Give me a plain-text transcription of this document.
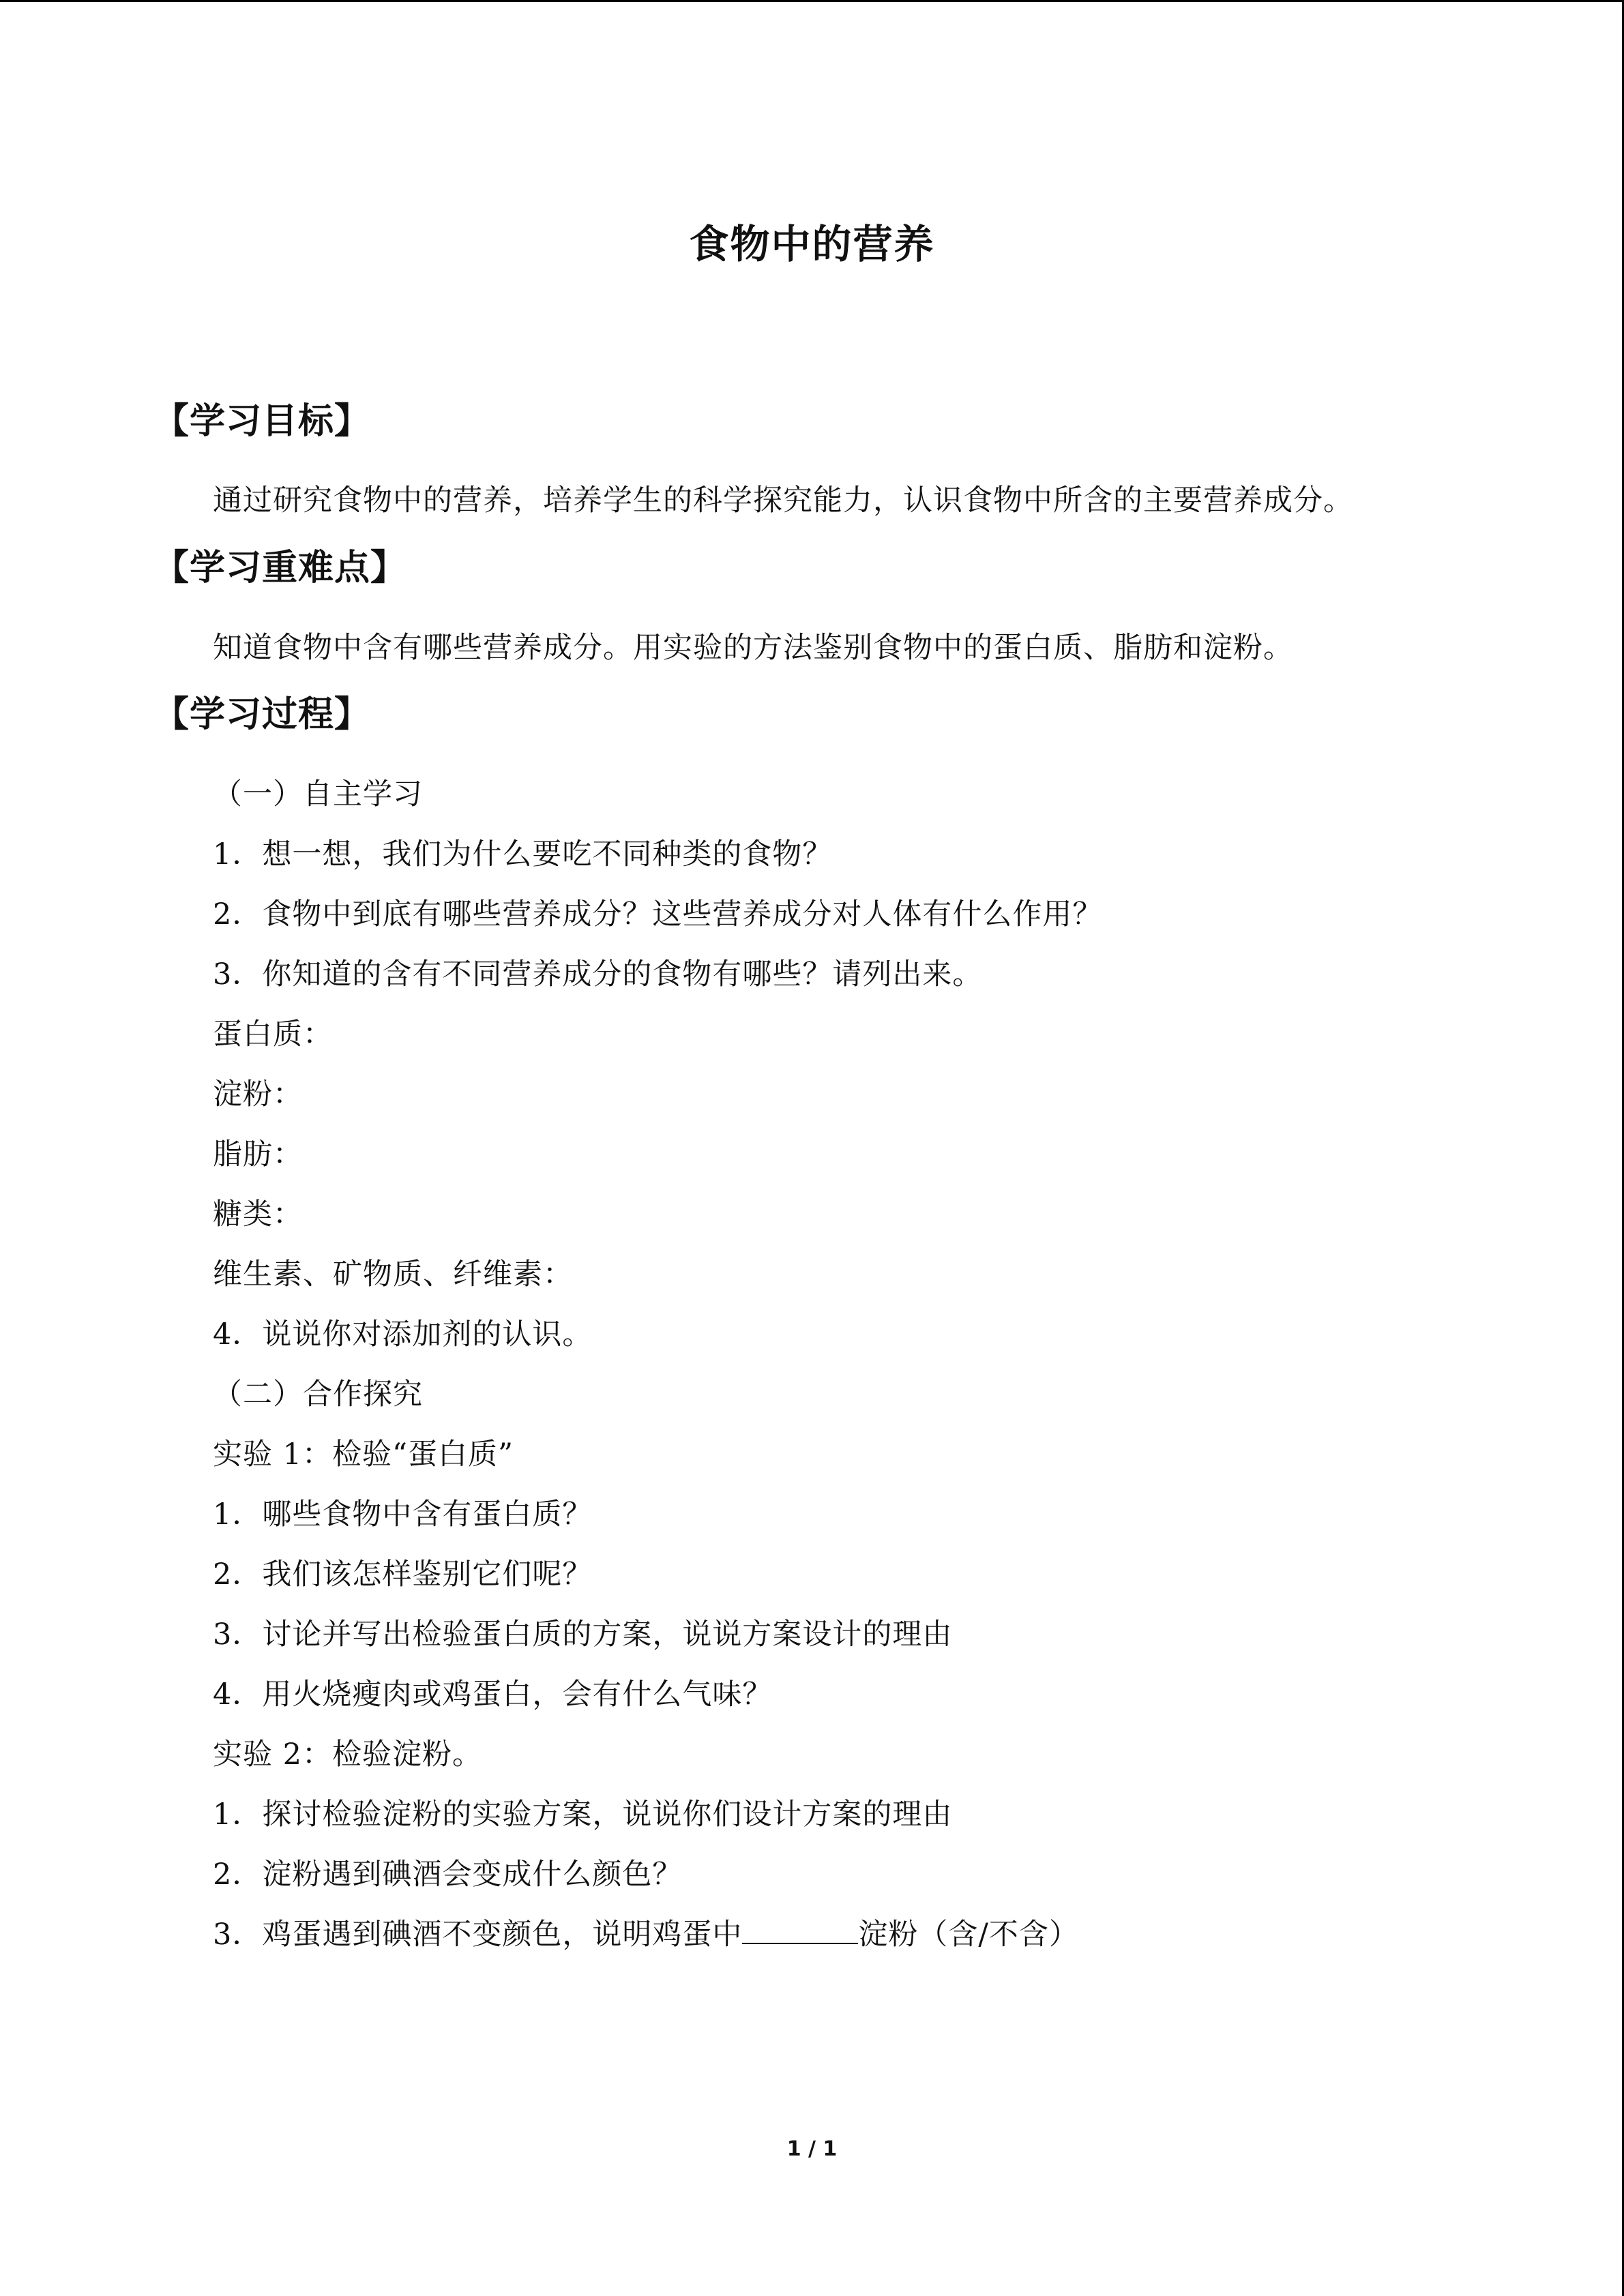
食物中的营养
【学习目标】
通过研究食物中的营养，培养学生的科学探究能力，认识食物中所含的主要营养成分。
【学习重难点】
知道食物中含有哪些营养成分。用实验的方法鉴别食物中的蛋白质、脂肪和淀粉。
【学习过程】
（一）自主学习
1．想一想，我们为什么要吃不同种类的食物？
2．食物中到底有哪些营养成分？这些营养成分对人体有什么作用？
3．你知道的含有不同营养成分的食物有哪些？请列出来。
蛋白质：
淀粉：
脂肪：
糖类：
维生素、矿物质、纤维素：
4．说说你对添加剂的认识。
（二）合作探究
实验 1：检验“蛋白质”
1．哪些食物中含有蛋白质？
2．我们该怎样鉴别它们呢？
3．讨论并写出检验蛋白质的方案，说说方案设计的理由
4．用火烧瘦肉或鸡蛋白，会有什么气味？
实验 2：检验淀粉。
1．探讨检验淀粉的实验方案，说说你们设计方案的理由
2．淀粉遇到碘酒会变成什么颜色？
3．鸡蛋遇到碘酒不变颜色，说明鸡蛋中	淀粉（含/不含）
1 / 1
